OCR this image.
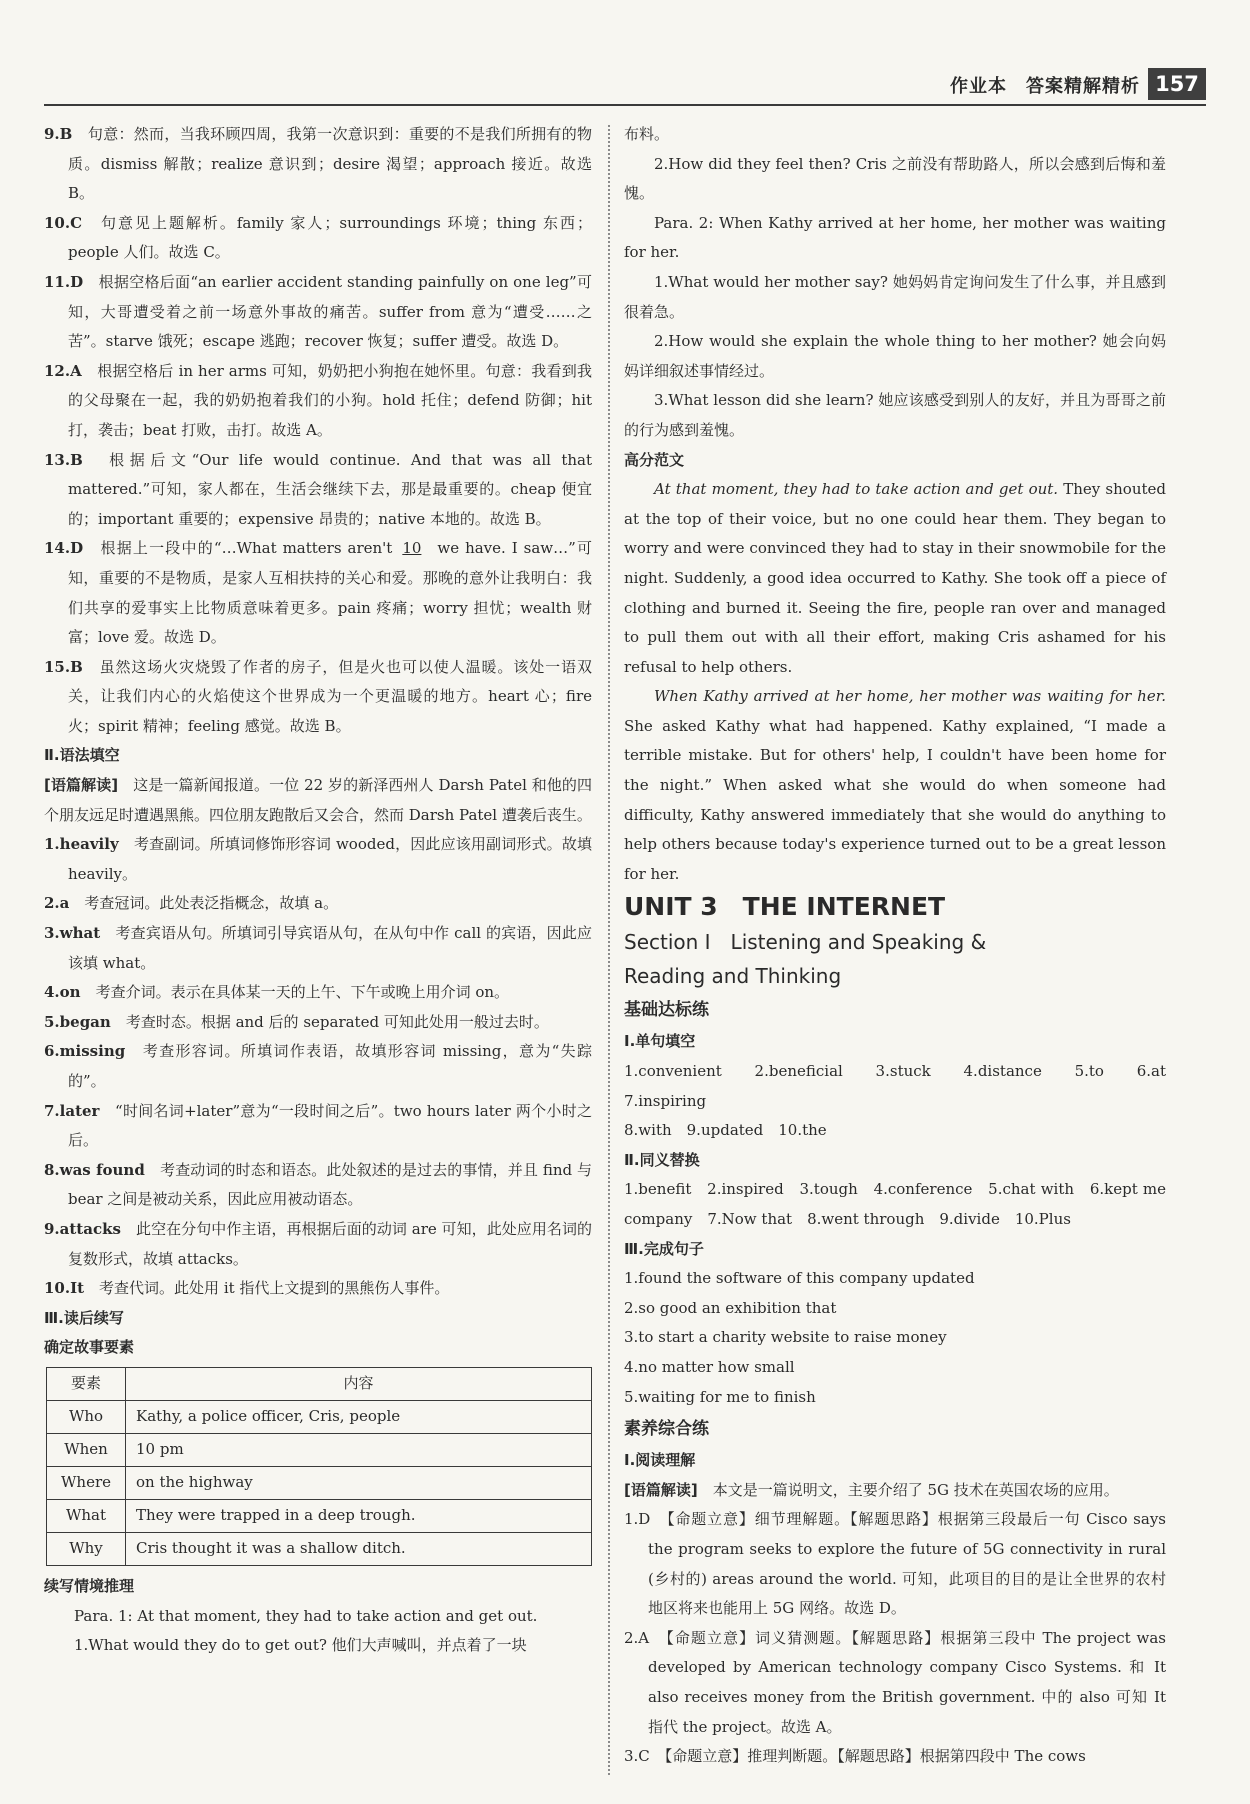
作业本　答案精解精析 157

9.B　句意：然而，当我环顾四周，我第一次意识到：重要的不是我们所拥有的物质。dismiss 解散；realize 意识到；desire 渴望；approach 接近。故选 B。

10.C　句意见上题解析。family 家人；surroundings 环境；thing 东西；people 人们。故选 C。

11.D　根据空格后面“an earlier accident standing painfully on one leg”可知，大哥遭受着之前一场意外事故的痛苦。suffer from 意为“遭受……之苦”。starve 饿死；escape 逃跑；recover 恢复；suffer 遭受。故选 D。

12.A　根据空格后 in her arms 可知，奶奶把小狗抱在她怀里。句意：我看到我的父母聚在一起，我的奶奶抱着我们的小狗。hold 托住；defend 防御；hit 打，袭击；beat 打败，击打。故选 A。

13.B　根据后文“Our life would continue. And that was all that mattered.”可知，家人都在，生活会继续下去，那是最重要的。cheap 便宜的；important 重要的；expensive 昂贵的；native 本地的。故选 B。

14.D　根据上一段中的“…What matters aren't 10 we have. I saw…”可知，重要的不是物质，是家人互相扶持的关心和爱。那晚的意外让我明白：我们共享的爱事实上比物质意味着更多。pain 疼痛；worry 担忧；wealth 财富；love 爱。故选 D。

15.B　虽然这场火灾烧毁了作者的房子，但是火也可以使人温暖。该处一语双关，让我们内心的火焰使这个世界成为一个更温暖的地方。heart 心；fire 火；spirit 精神；feeling 感觉。故选 B。

Ⅱ.语法填空

[语篇解读]　这是一篇新闻报道。一位 22 岁的新泽西州人 Darsh Patel 和他的四个朋友远足时遭遇黑熊。四位朋友跑散后又会合，然而 Darsh Patel 遭袭后丧生。

1.heavily　考查副词。所填词修饰形容词 wooded，因此应该用副词形式。故填 heavily。

2.a　考查冠词。此处表泛指概念，故填 a。

3.what　考查宾语从句。所填词引导宾语从句，在从句中作 call 的宾语，因此应该填 what。

4.on　考查介词。表示在具体某一天的上午、下午或晚上用介词 on。

5.began　考查时态。根据 and 后的 separated 可知此处用一般过去时。

6.missing　考查形容词。所填词作表语，故填形容词 missing，意为“失踪的”。

7.later　“时间名词+later”意为“一段时间之后”。two hours later 两个小时之后。

8.was found　考查动词的时态和语态。此处叙述的是过去的事情，并且 find 与 bear 之间是被动关系，因此应用被动语态。

9.attacks　此空在分句中作主语，再根据后面的动词 are 可知，此处应用名词的复数形式，故填 attacks。

10.It　考查代词。此处用 it 指代上文提到的黑熊伤人事件。

Ⅲ.读后续写

确定故事要素

要素	内容
Who	Kathy, a police officer, Cris, people
When	10 pm
Where	on the highway
What	They were trapped in a deep trough.
Why	Cris thought it was a shallow ditch.

续写情境推理

Para. 1: At that moment, they had to take action and get out.

1.What would they do to get out? 他们大声喊叫，并点着了一块

布料。

2.How did they feel then? Cris 之前没有帮助路人，所以会感到后悔和羞愧。

Para. 2: When Kathy arrived at her home, her mother was waiting for her.

1.What would her mother say? 她妈妈肯定询问发生了什么事，并且感到很着急。

2.How would she explain the whole thing to her mother? 她会向妈妈详细叙述事情经过。

3.What lesson did she learn? 她应该感受到别人的友好，并且为哥哥之前的行为感到羞愧。

高分范文

At that moment, they had to take action and get out. They shouted at the top of their voice, but no one could hear them. They began to worry and were convinced they had to stay in their snowmobile for the night. Suddenly, a good idea occurred to Kathy. She took off a piece of clothing and burned it. Seeing the fire, people ran over and managed to pull them out with all their effort, making Cris ashamed for his refusal to help others.

When Kathy arrived at her home, her mother was waiting for her. She asked Kathy what had happened. Kathy explained, “I made a terrible mistake. But for others' help, I couldn't have been home for the night.” When asked what she would do when someone had difficulty, Kathy answered immediately that she would do anything to help others because today's experience turned out to be a great lesson for her.

UNIT 3　THE INTERNET

Section Ⅰ　Listening and Speaking &

Reading and Thinking

基础达标练

Ⅰ.单句填空

1.convenient　2.beneficial　3.stuck　4.distance　5.to　6.at　7.inspiring

8.with　9.updated　10.the

Ⅱ.同义替换

1.benefit　2.inspired　3.tough　4.conference　5.chat with　6.kept me company　7.Now that　8.went through　9.divide　10.Plus

Ⅲ.完成句子

1.found the software of this company updated

2.so good an exhibition that

3.to start a charity website to raise money

4.no matter how small

5.waiting for me to finish

素养综合练

Ⅰ.阅读理解

[语篇解读]　本文是一篇说明文，主要介绍了 5G 技术在英国农场的应用。

1.D　【命题立意】细节理解题。【解题思路】根据第三段最后一句 Cisco says the program seeks to explore the future of 5G connectivity in rural (乡村的) areas around the world. 可知，此项目的目的是让全世界的农村地区将来也能用上 5G 网络。故选 D。

2.A　【命题立意】词义猜测题。【解题思路】根据第三段中 The project was developed by American technology company Cisco Systems. 和 It also receives money from the British government. 中的 also 可知 It 指代 the project。故选 A。

3.C　【命题立意】推理判断题。【解题思路】根据第四段中 The cows
